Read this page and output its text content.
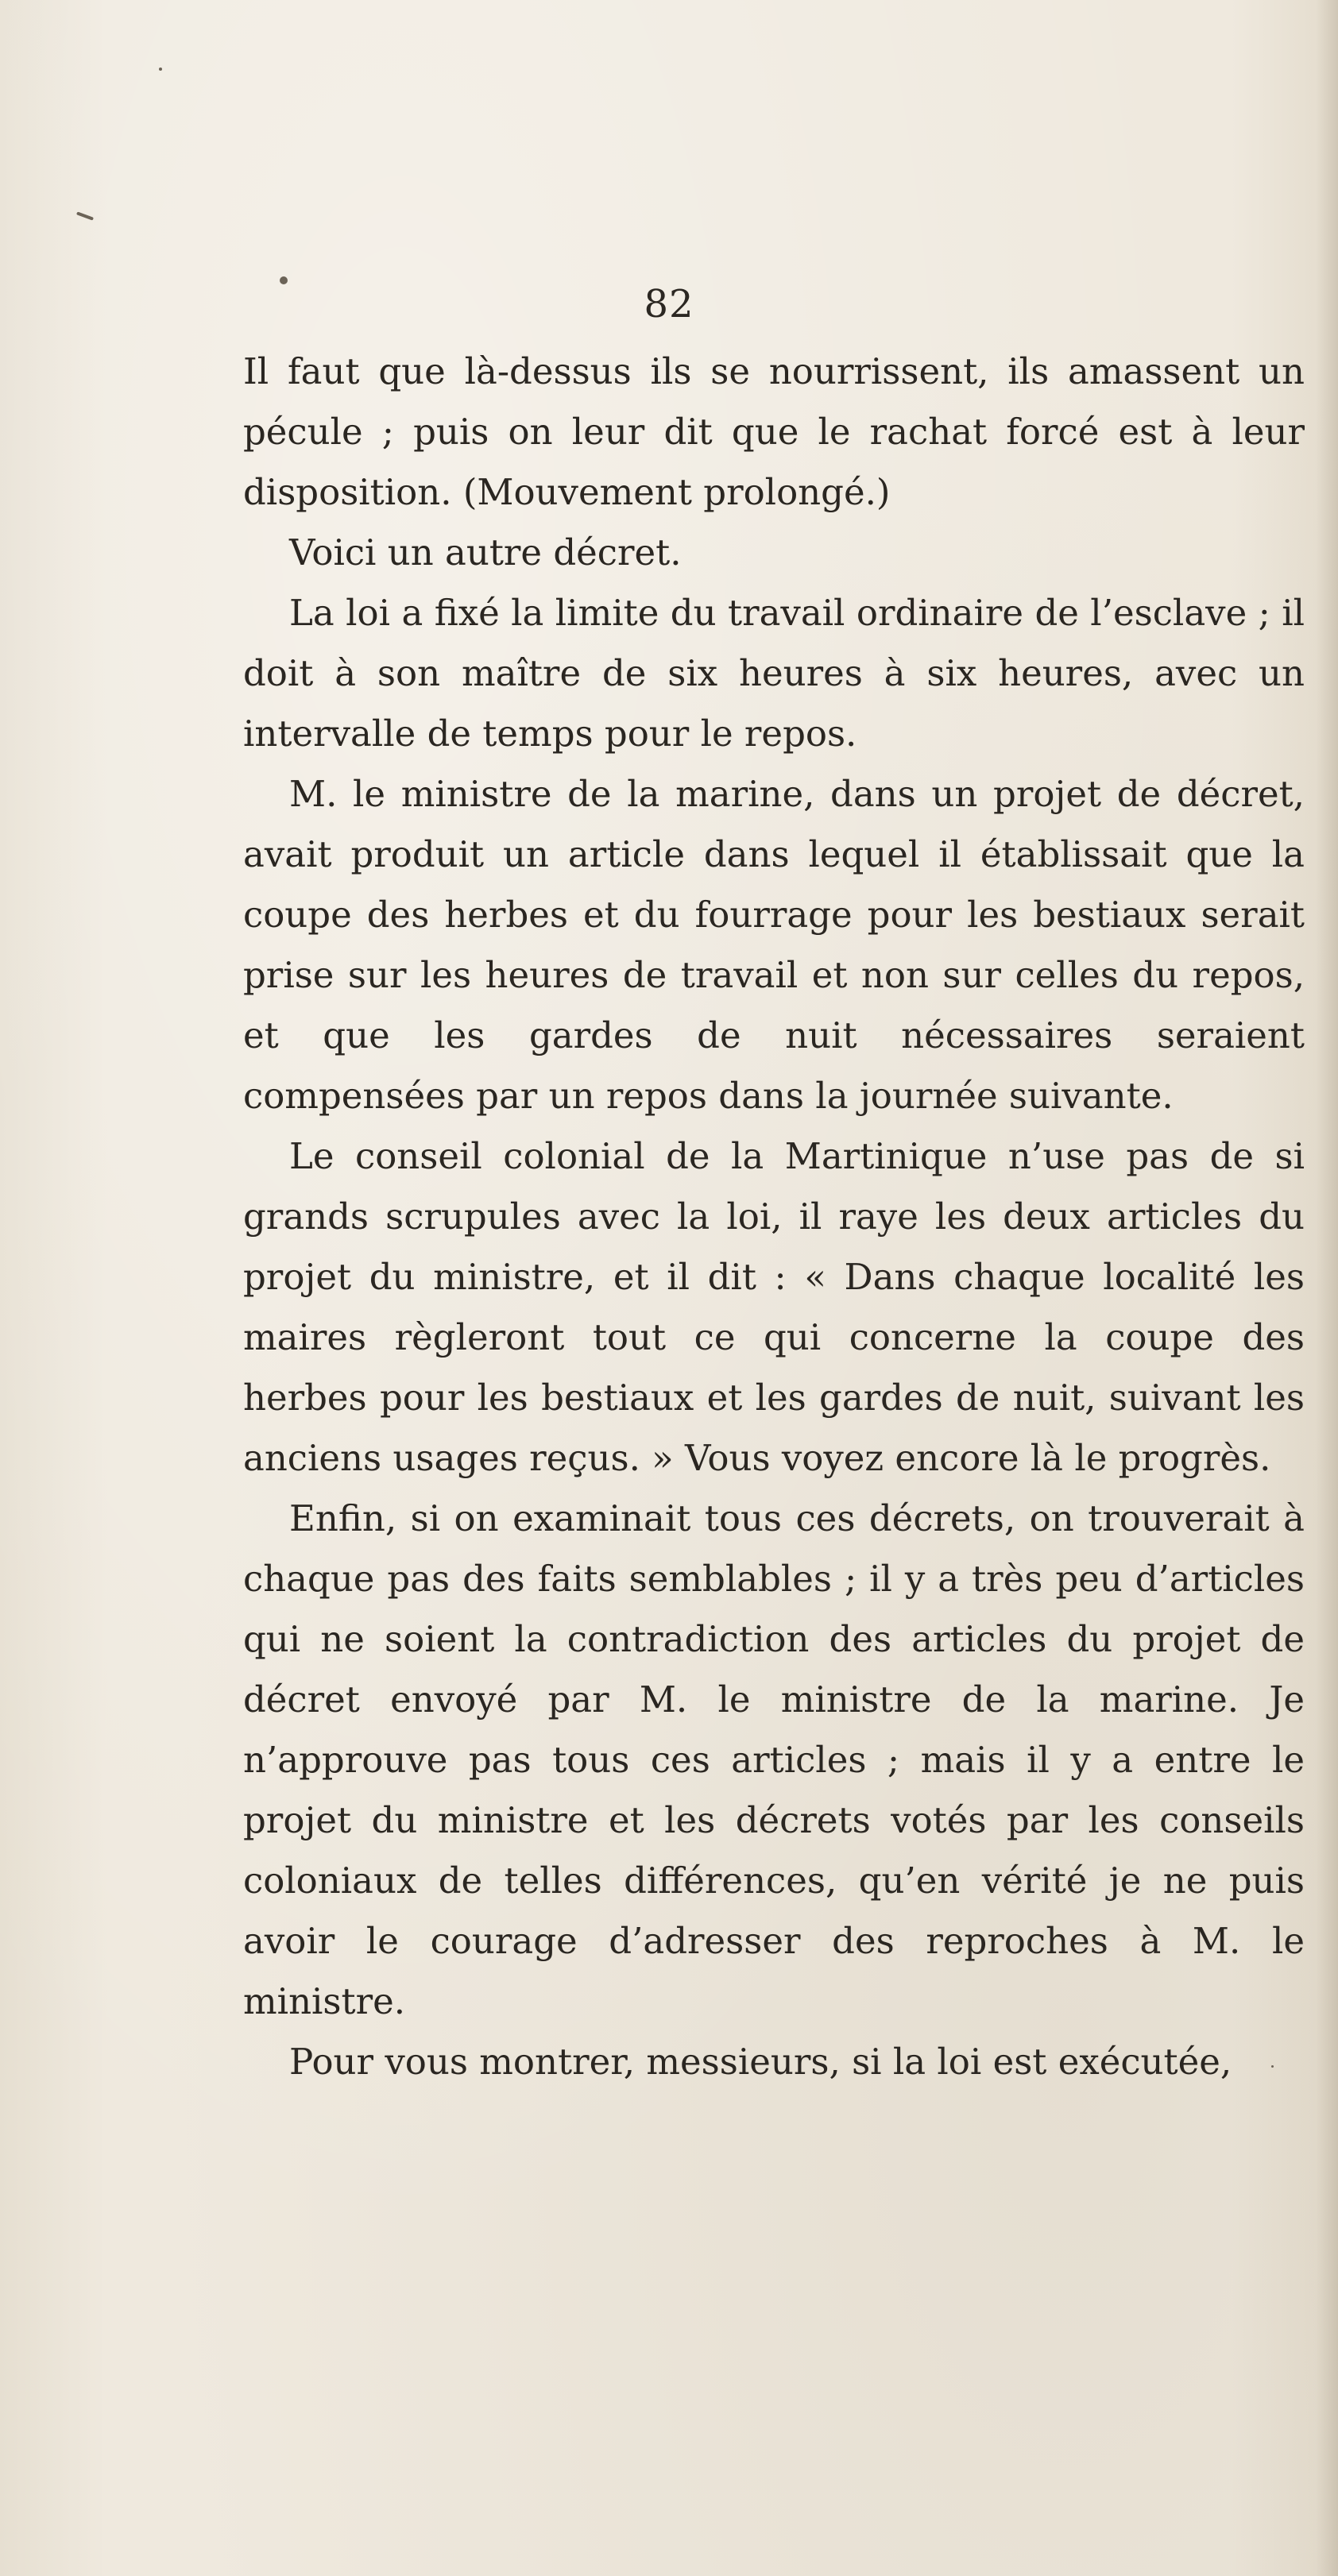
82

Il faut que là-dessus ils se nourrissent, ils amassent un pécule ; puis on leur dit que le rachat forcé est à leur disposition. (Mouvement prolongé.)

Voici un autre décret.

La loi a fixé la limite du travail ordinaire de l’esclave ; il doit à son maître de six heures à six heures, avec un intervalle de temps pour le repos.

M. le ministre de la marine, dans un projet de décret, avait produit un article dans lequel il établissait que la coupe des herbes et du fourrage pour les bestiaux serait prise sur les heures de travail et non sur celles du repos, et que les gardes de nuit nécessaires seraient compensées par un repos dans la journée suivante.

Le conseil colonial de la Martinique n’use pas de si grands scrupules avec la loi, il raye les deux articles du projet du ministre, et il dit : « Dans chaque localité les maires règleront tout ce qui concerne la coupe des herbes pour les bestiaux et les gardes de nuit, suivant les anciens usages reçus. » Vous voyez encore là le progrès.

Enfin, si on examinait tous ces décrets, on trouverait à chaque pas des faits semblables ; il y a très peu d’articles qui ne soient la contradiction des articles du projet de décret envoyé par M. le ministre de la marine. Je n’approuve pas tous ces articles ; mais il y a entre le projet du ministre et les décrets votés par les conseils coloniaux de telles différences, qu’en vérité je ne puis avoir le courage d’adresser des reproches à M. le ministre.

Pour vous montrer, messieurs, si la loi est exécutée,
